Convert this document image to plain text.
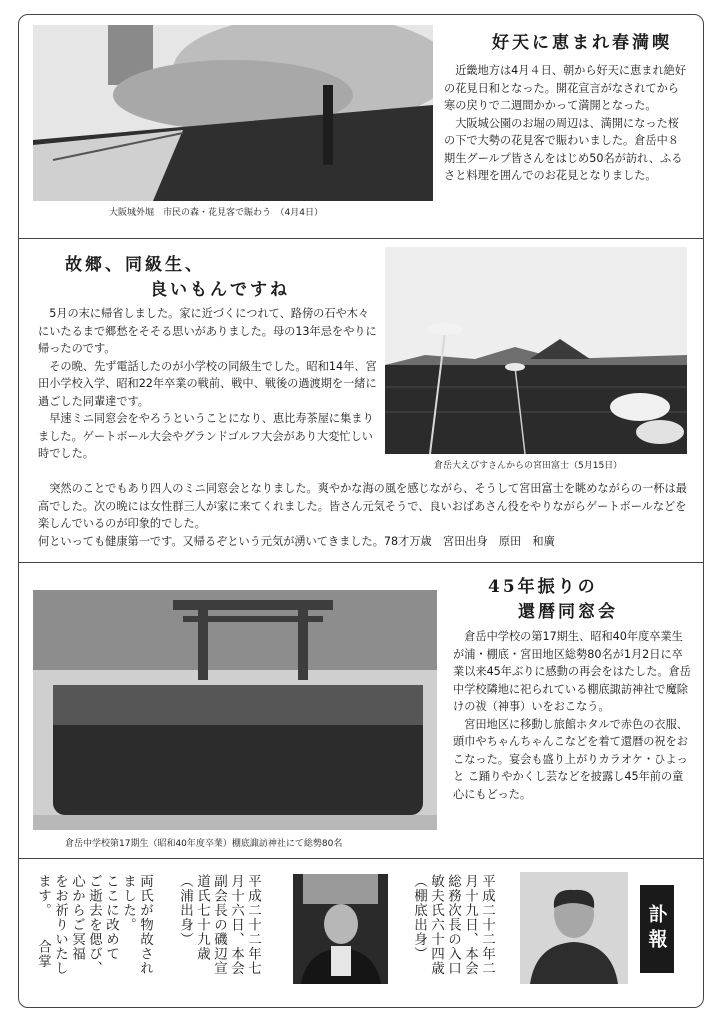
大阪城外堀　市民の森・花見客で賑わう　（4月4日）
好天に恵まれ春満喫

近畿地方は4月４日、朝から好天に恵まれ絶好の花見日和となった。開花宣言がなされてから寒の戻りで二週間かかって満開となった。

大阪城公園のお堀の周辺は、満開になった桜の下で大勢の花見客で賑わいました。倉岳中８期生グールプ皆さんをはじめ50名が訪れ、ふるさと料理を囲んでのお花見となりました。

故郷、同級生、
良いもんですね
倉岳大えびすさんからの宮田富士（5月15日）

5月の末に帰省しました。家に近づくにつれて、路傍の石や木々にいたるまで郷愁をそそる思いがありました。母の13年忌をやりに帰ったのです。

その晩、先ず電話したのが小学校の同級生でした。昭和14年、宮田小学校入学、昭和22年卒業の戦前、戦中、戦後の過渡期を一緒に過ごした同輩達です。

早速ミニ同窓会をやろうということになり、恵比寿茶屋に集まりました。ゲートボール大会やグランドゴルフ大会があり大変忙しい時でした。

突然のことでもあり四人のミニ同窓会となりました。爽やかな海の風を感じながら、そうして宮田富士を眺めながらの一杯は最高でした。次の晩には女性群三人が家に来てくれました。皆さん元気そうで、良いおばあさん役をやりながらゲートボールなどを楽しんでいるのが印象的でした。

何といっても健康第一です。又帰るぞという元気が湧いてきました。78才万歳　宮田出身　原田　和廣

倉岳中学校第17期生（昭和40年度卒業）棚底諏訪神社にて総勢80名
45年振りの
還暦同窓会

倉岳中学校の第17期生、昭和40年度卒業生が浦・棚底・宮田地区総勢80名が1月2日に卒業以来45年ぶりに感動の再会をはたした。倉岳中学校隣地に祀られている棚底諏訪神社で魔除けの祓（神事）いをおこなう。

宮田地区に移動し旅館ホタルで赤色の衣服、頭巾やちゃんちゃんこなどを着て還暦の祝をおこなった。宴会も盛り上がりカラオケ・ひよっと こ踊りやかくし芸などを披露し45年前の童心にもどった。

訃報
平成二十二年二
月十九日、本会
総務次長の入口
敏夫氏六十四歳
（棚底出身）
平成二十二年七
月十六日、本会
副会長の磯辺宣
道氏七十九歳
（浦出身）
両氏が物故され
ました。
ここに改めて
ご逝去を偲び、
心からご冥福
をお祈りいたし
ます。　　合掌
